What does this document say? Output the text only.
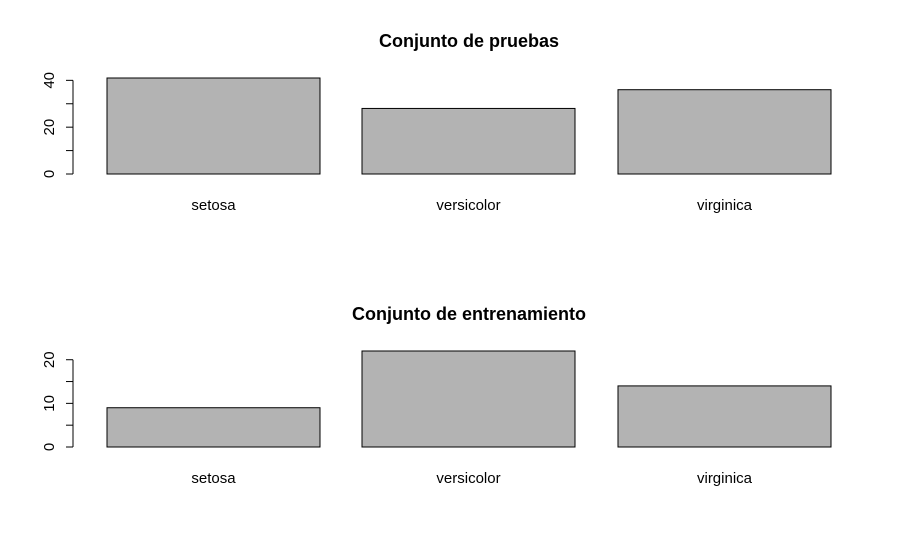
Conjunto de pruebas
setosa	versicolor	virginica
0
20
40
Conjunto de entrenamiento
setosa	versicolor	virginica
0
10
20
